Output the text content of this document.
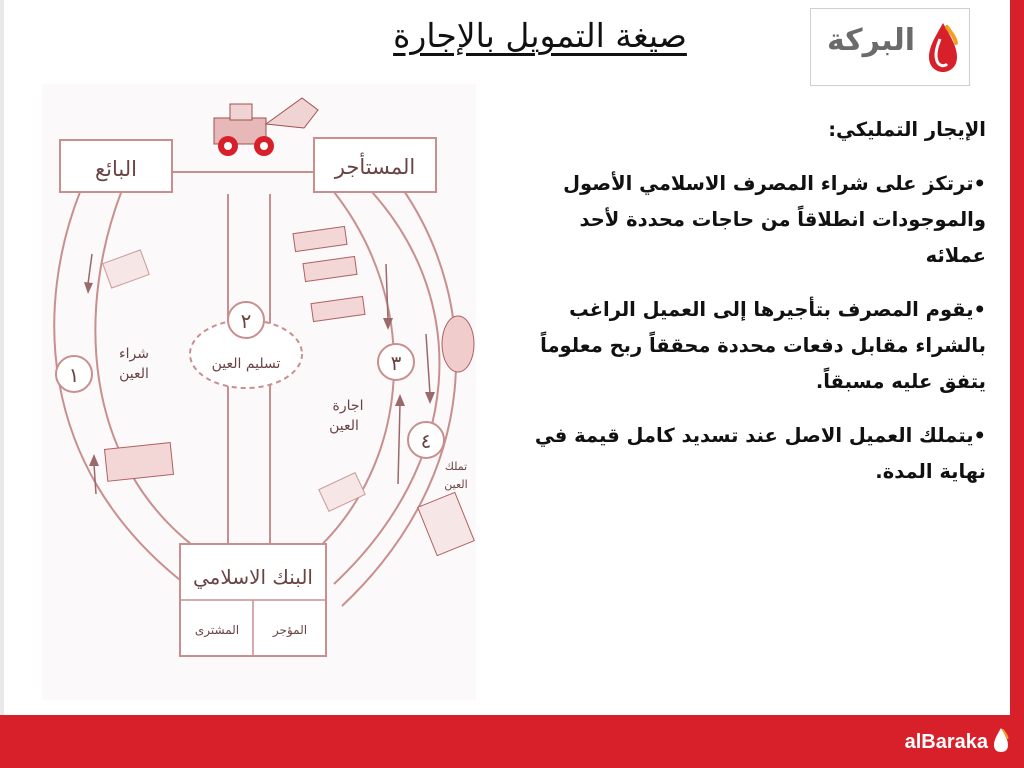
صيغة التمويل بالإجارة	البركة
البائع	المستأجر
البنك الاسلامي
المؤجر
المشترى
٢
تسليم العين
١
شراء
العين	٣
اجارة
العين
٤
تملك
العين
الإيجار التمليكي:
•ترتكز على شراء المصرف الاسلامي الأصول والموجودات انطلاقاً من حاجات محددة لأحد عملائه
•يقوم المصرف بتأجيرها إلى العميل الراغب بالشراء مقابل دفعات محددة محققاً ربح معلوماً يتفق عليه مسبقاً.
•يتملك العميل الاصل عند تسديد كامل قيمة في نهاية المدة.
alBaraka
